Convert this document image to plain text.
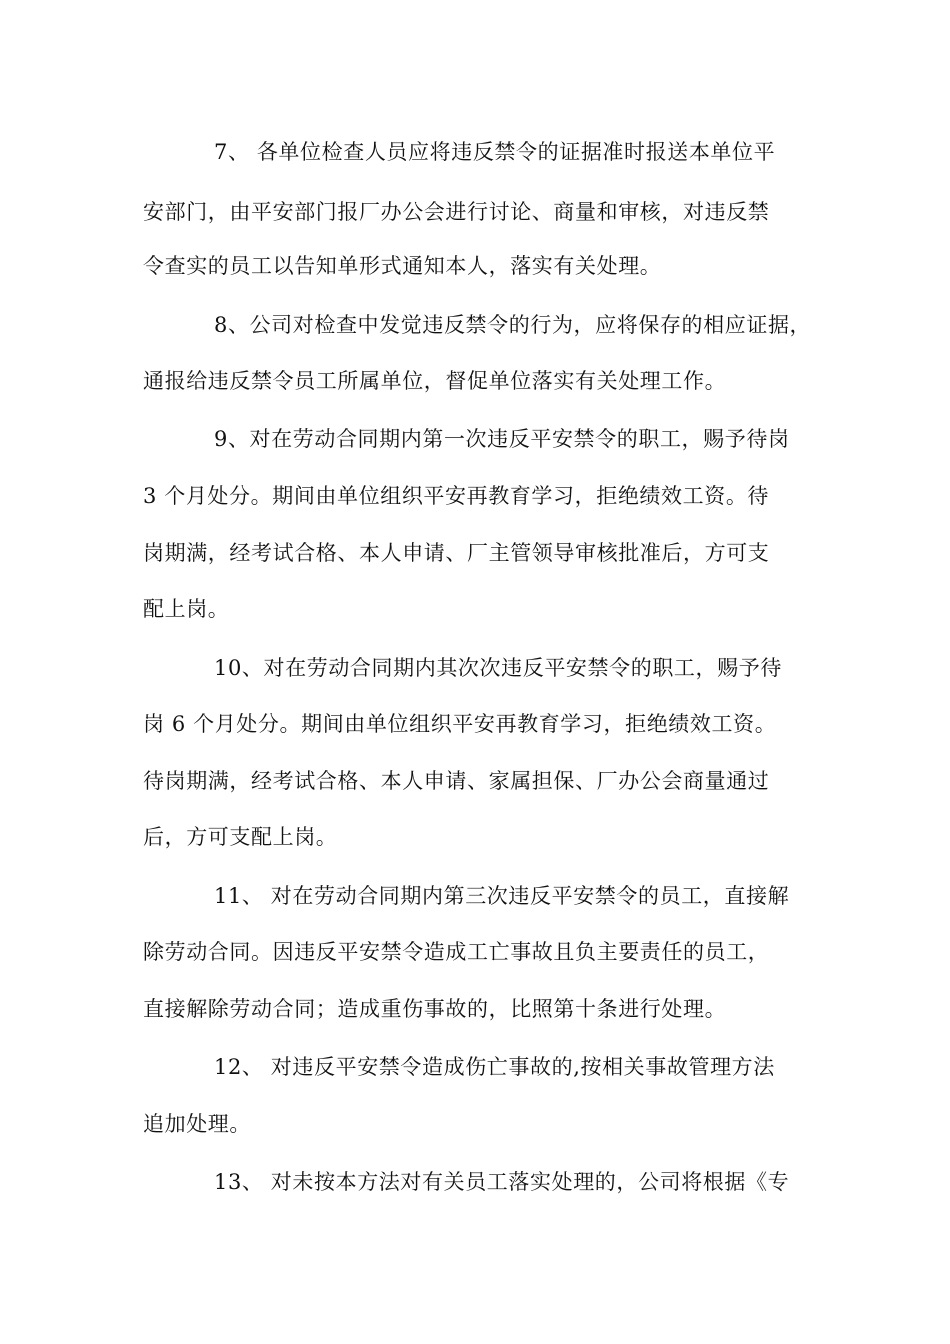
7、 各单位检查人员应将违反禁令的证据准时报送本单位平
安部门，由平安部门报厂办公会进行讨论、商量和审核，对违反禁
令查实的员工以告知单形式通知本人，落实有关处理。
8、公司对检查中发觉违反禁令的行为，应将保存的相应证据，
通报给违反禁令员工所属单位，督促单位落实有关处理工作。
9、对在劳动合同期内第一次违反平安禁令的职工，赐予待岗
3 个月处分。期间由单位组织平安再教育学习，拒绝绩效工资。待
岗期满，经考试合格、本人申请、厂主管领导审核批准后，方可支
配上岗。
10、对在劳动合同期内其次次违反平安禁令的职工，赐予待
岗 6 个月处分。期间由单位组织平安再教育学习，拒绝绩效工资。
待岗期满，经考试合格、本人申请、家属担保、厂办公会商量通过
后，方可支配上岗。
11、 对在劳动合同期内第三次违反平安禁令的员工，直接解
除劳动合同。因违反平安禁令造成工亡事故且负主要责任的员工，
直接解除劳动合同；造成重伤事故的，比照第十条进行处理。
12、 对违反平安禁令造成伤亡事故的,按相关事故管理方法
追加处理。
13、 对未按本方法对有关员工落实处理的，公司将根据《专
